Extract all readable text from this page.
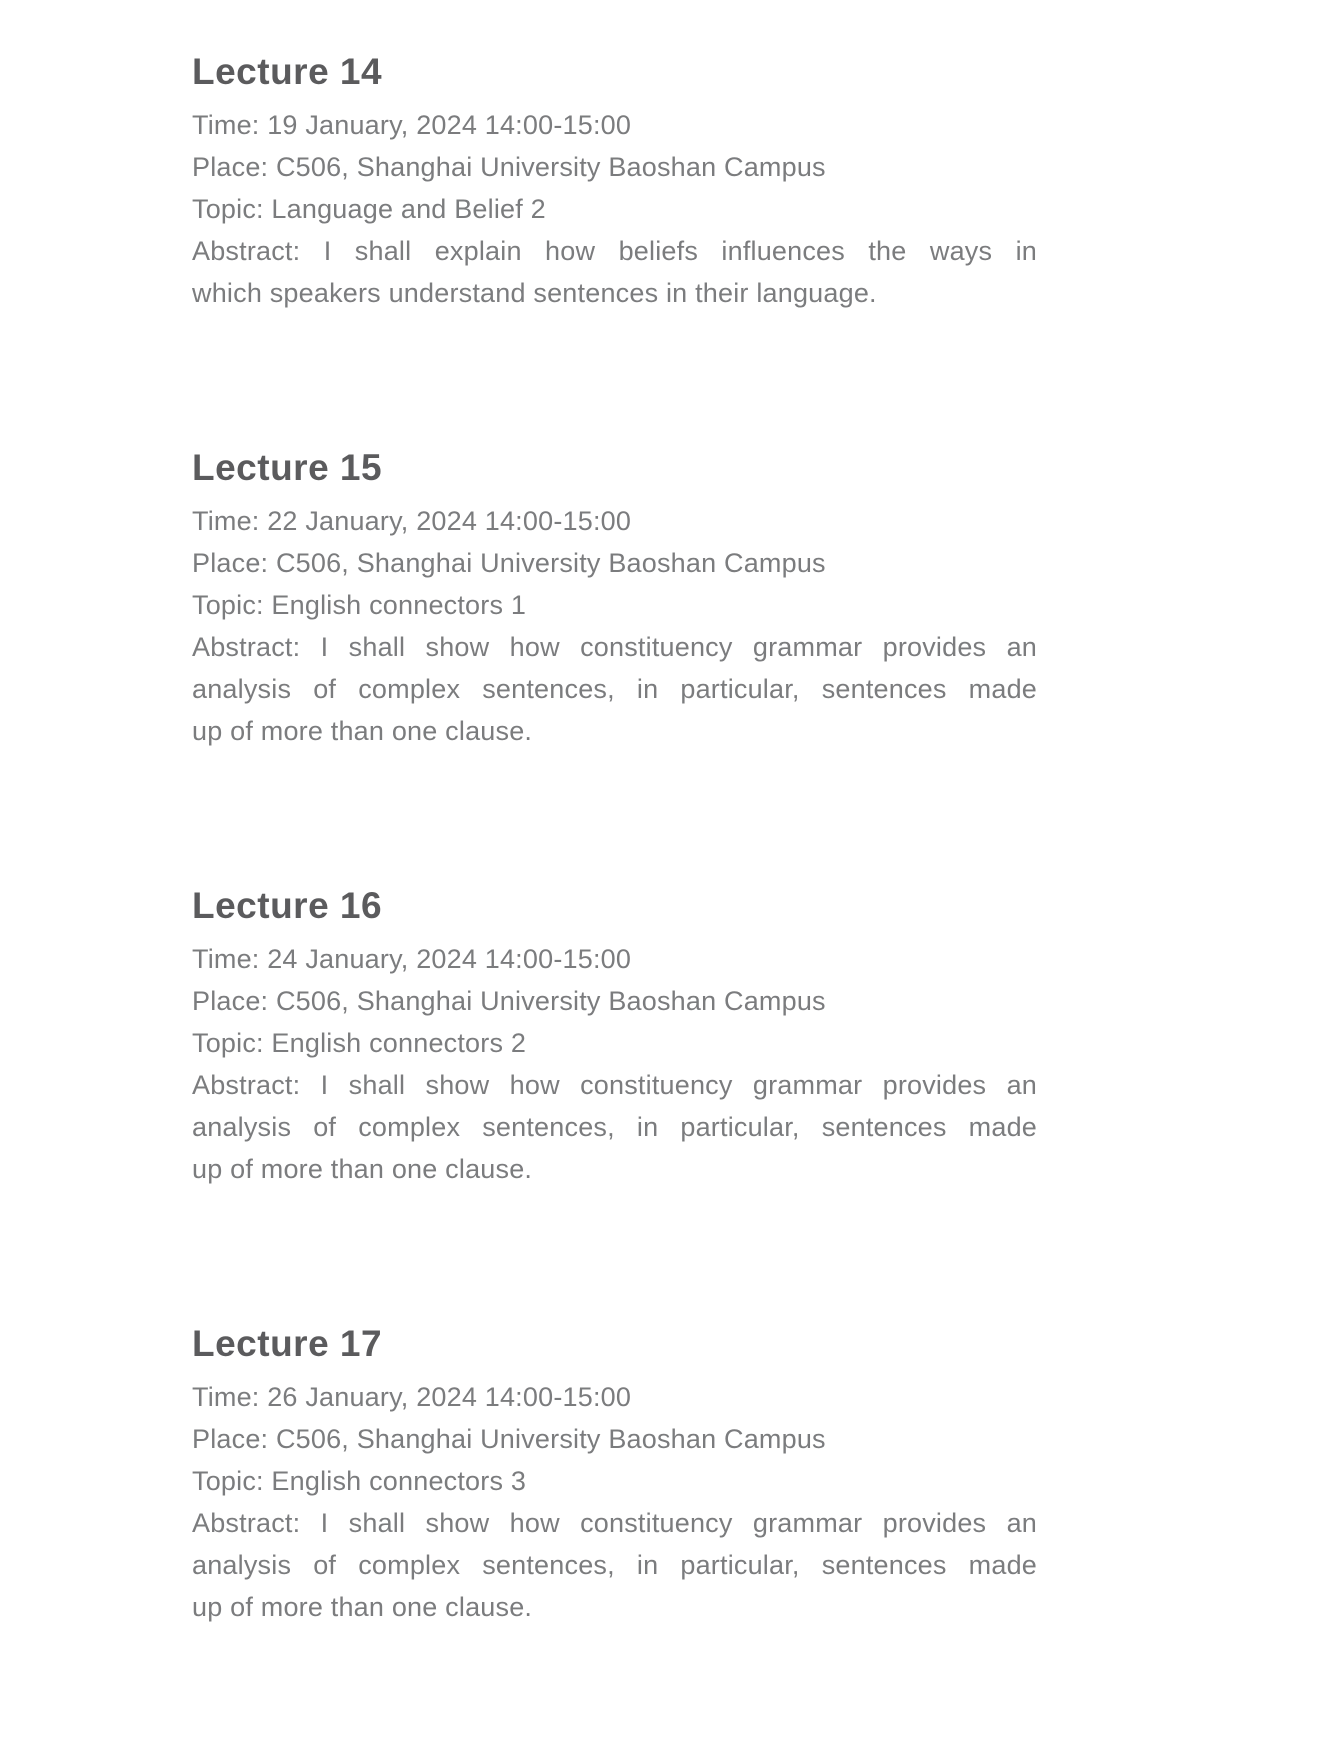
Lecture 14
Time: 19 January, 2024 14:00-15:00
Place: C506, Shanghai University Baoshan Campus
Topic: Language and Belief 2
Abstract: I shall explain how beliefs influences the ways in
which speakers understand sentences in their language.
Lecture 15
Time: 22 January, 2024 14:00-15:00
Place: C506, Shanghai University Baoshan Campus
Topic: English connectors 1
Abstract: I shall show how constituency grammar provides an
analysis of complex sentences, in particular, sentences made
up of more than one clause.
Lecture 16
Time: 24 January, 2024 14:00-15:00
Place: C506, Shanghai University Baoshan Campus
Topic: English connectors 2
Abstract: I shall show how constituency grammar provides an
analysis of complex sentences, in particular, sentences made
up of more than one clause.
Lecture 17
Time: 26 January, 2024 14:00-15:00
Place: C506, Shanghai University Baoshan Campus
Topic: English connectors 3
Abstract: I shall show how constituency grammar provides an
analysis of complex sentences, in particular, sentences made
up of more than one clause.
